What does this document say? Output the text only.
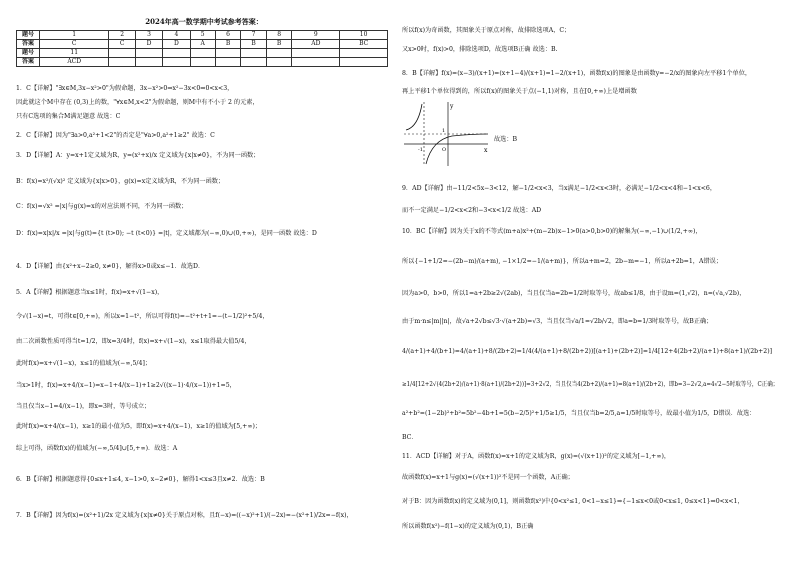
2024年高一数学期中考试参考答案：
题号	1	2	3	4	5	6	7	8	9	10
答案	C	C	D	D	A	B	B	B	AD	BC
题号	11									
答案	ACD									
1．C【详解】"∃x∈M,3x−x²>0"为假命题，3x−x²>0⇒x²−3x<0⇒0<x<3，
因此就这个M中存在 (0,3)上的数，"∀x∈M,x<2"为假命题，则M中有不小于 2 的元素，
只有C选项的集合M满足题意 故选：C
2．C【详解】因为"∃a>0,a²+1<2"的否定是"∀a>0,a²+1≥2" 故选：C
3．D【详解】A：y=x+1定义域为R，y=(x²+x)/x 定义域为{x|x≠0}，不为同一函数；
B：f(x)=x²/(√x)² 定义域为{x|x>0}，g(x)=x定义域为R，不为同一函数；
C：f(x)=√x² =|x|与g(x)=x的对应法则不同，不为同一函数；
D：f(x)=x|x|/x =|x|与g(t)={t (t>0); −t (t<0)} =|t|，定义域都为(−∞,0)∪(0,+∞)，是同一函数 故选：D
4．D【详解】由{x²+x−2≥0, x≠0}，解得x>0或x≤−1．故选D．
5．A【详解】根据题意当x≤1时，f(x)=x+√(1−x)，
令√(1−x)=t，可得t∈[0,+∞)，所以x=1−t²，所以可得f(t)=−t²+t+1=−(t−1/2)²+5/4，
由二次函数性质可得当t=1/2，即x=3/4时，f(x)=x+√(1−x)，x≤1取得最大值5/4，
此时f(x)=x+√(1−x)，x≤1的值域为(−∞,5/4]；
当x>1时，f(x)=x+4/(x−1)=x−1+4/(x−1)+1≥2√((x−1)·4/(x−1))+1=5，
当且仅当x−1=4/(x−1)，即x=3时，等号成立；
此时f(x)=x+4/(x−1)，x≥1的最小值为5，即f(x)=x+4/(x−1)，x≥1的值域为[5,+∞)；
综上可得，函数f(x)的值域为(−∞,5/4]∪[5,+∞)．故选：A
6．B【详解】根据题意得{0≤x+1≤4, x−1>0, x−2≠0}，解得1<x≤3且x≠2．故选：B
7．B【详解】因为f(x)=(x²+1)/2x 定义域为{x|x≠0}关于原点对称，且f(−x)=((−x)²+1)/(−2x)=−(x²+1)/2x=−f(x)，
所以f(x)为奇函数，其图象关于原点对称，故排除选项A，C；
又x>0时，f(x)>0，排除选项D，故选项B正确 故选：B.
8．B【详解】f(x)=(x−3)/(x+1)=(x+1−4)/(x+1)=1−2/(x+1)，函数f(x)的图象是由函数y=−2/x的图象向左平移1个单位，
再上平移1个单位得到的，所以f(x)的图象关于点(−1,1)对称，且在[0,+∞)上是增函数
y
x
O
-1
1
故选：B
9．AD【详解】由−11/2<5x−3<12，解−1/2<x<3，当x满足−1/2<x<3时，必满足−1/2<x<4和−1<x<6，
而不一定满足−1/2<x<2和−3<x<1/2 故选：AD
10．BC【详解】因为关于x的不等式(m+a)x²+(m−2b)x−1>0(a>0,b>0)的解集为(−∞,−1)∪(1/2,+∞)，
所以{−1+1/2=−(2b−m)/(a+m), −1×1/2=−1/(a+m)}，所以a+m=2，2b−m=−1，所以a+2b=1，A错误；
因为a>0，b>0，所以1=a+2b≥2√(2ab)，当且仅当a=2b=1/2时取等号，故ab≤1/8，由于设m=(1,√2)，n=(√a,√2b)，
由于m·n≤|m||n|，故√a+2√b≤√3·√(a+2b)=√3，当且仅当√a/1=√2b/√2，即a=b=1/3时取等号，故B正确；
4/(a+1)+4/(b+1)=4/(a+1)+8/(2b+2)=1/4(4/(a+1)+8/(2b+2))[(a+1)+(2b+2)]=1/4[12+4(2b+2)/(a+1)+8(a+1)/(2b+2)]
≥1/4[12+2√(4(2b+2)/(a+1)·8(a+1)/(2b+2))]=3+2√2，当且仅当4(2b+2)/(a+1)=8(a+1)/(2b+2)，即b=3−2√2,a=4√2−5时取等号，C正确；
a²+b²=(1−2b)²+b²=5b²−4b+1=5(b−2/5)²+1/5≥1/5，当且仅当b=2/5,a=1/5时取等号，故最小值为1/5，D错误．故选：
BC．
11．ACD【详解】对于A，函数f(x)=x+1的定义域为R，g(x)=(√(x+1))²的定义域为[−1,+∞)，
故函数f(x)=x+1与g(x)=(√(x+1))²不是同一个函数，A正确；
对于B：因为函数f(x)的定义域为(0,1]，则函数f(x²)中{0<x²≤1, 0<1−x≤1}⇒{−1≤x<0或0<x≤1, 0≤x<1}⇒0<x<1，
所以函数f(x²)−f(1−x)的定义域为(0,1)，B正确
